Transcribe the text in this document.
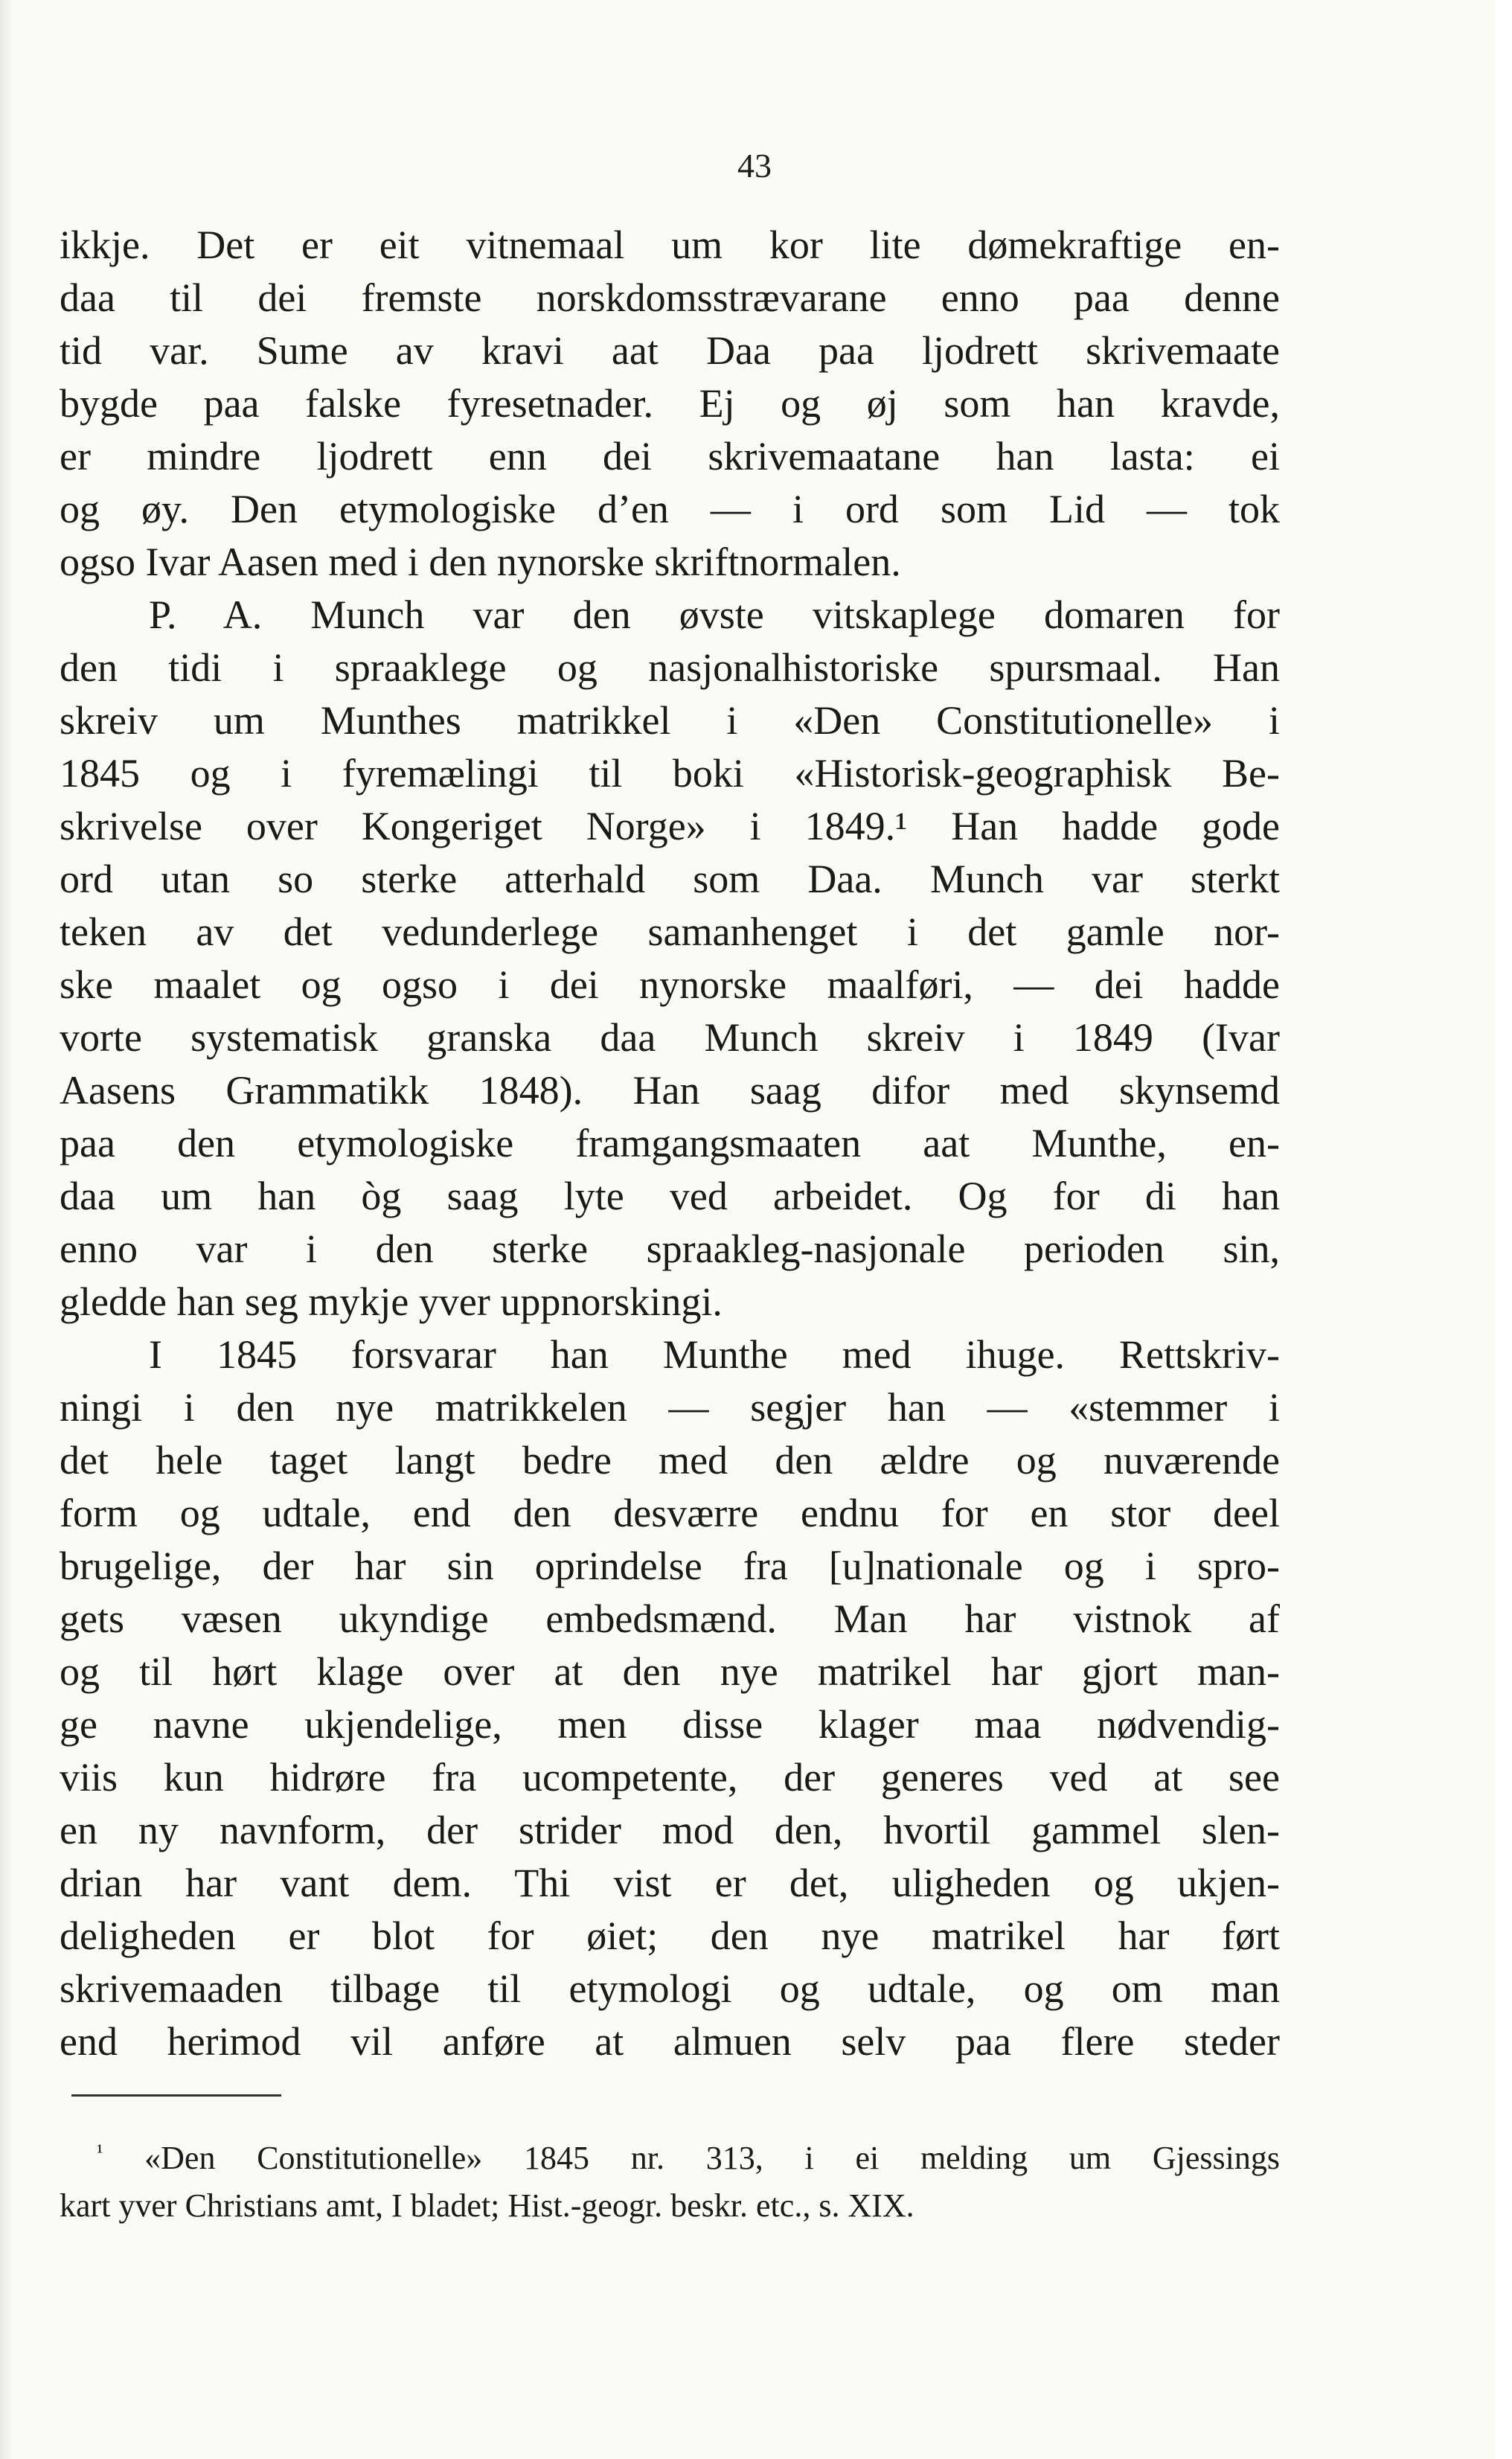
43
ikkje. Det er eit vitnemaal um kor lite dømekraftige en-
daa til dei fremste norskdomsstrævarane enno paa denne
tid var. Sume av kravi aat Daa paa ljodrett skrivemaate
bygde paa falske fyresetnader. Ej og øj som han kravde,
er mindre ljodrett enn dei skrivemaatane han lasta: ei
og øy. Den etymologiske d’en — i ord som Lid — tok
ogso Ivar Aasen med i den nynorske skriftnormalen.
P. A. Munch var den øvste vitskaplege domaren for
den tidi i spraaklege og nasjonalhistoriske spursmaal. Han
skreiv um Munthes matrikkel i «Den Constitutionelle» i
1845 og i fyremælingi til boki «Historisk-geographisk Be-
skrivelse over Kongeriget Norge» i 1849.¹ Han hadde gode
ord utan so sterke atterhald som Daa. Munch var sterkt
teken av det vedunderlege samanhenget i det gamle nor-
ske maalet og ogso i dei nynorske maalføri, — dei hadde
vorte systematisk granska daa Munch skreiv i 1849 (Ivar
Aasens Grammatikk 1848). Han saag difor med skynsemd
paa den etymologiske framgangsmaaten aat Munthe, en-
daa um han òg saag lyte ved arbeidet. Og for di han
enno var i den sterke spraakleg-nasjonale perioden sin,
gledde han seg mykje yver uppnorskingi.
I 1845 forsvarar han Munthe med ihuge. Rettskriv-
ningi i den nye matrikkelen — segjer han — «stemmer i
det hele taget langt bedre med den ældre og nuværende
form og udtale, end den desværre endnu for en stor deel
brugelige, der har sin oprindelse fra [u]nationale og i spro-
gets væsen ukyndige embedsmænd. Man har vistnok af
og til hørt klage over at den nye matrikel har gjort man-
ge navne ukjendelige, men disse klager maa nødvendig-
viis kun hidrøre fra ucompetente, der generes ved at see
en ny navnform, der strider mod den, hvortil gammel slen-
drian har vant dem. Thi vist er det, uligheden og ukjen-
deligheden er blot for øiet; den nye matrikel har ført
skrivemaaden tilbage til etymologi og udtale, og om man
end herimod vil anføre at almuen selv paa flere steder
$^{^1}$ «Den Constitutionelle» 1845 nr. 313, i ei melding um Gjessings
kart yver Christians amt, I bladet; Hist.-geogr. beskr. etc., s. XIX.
